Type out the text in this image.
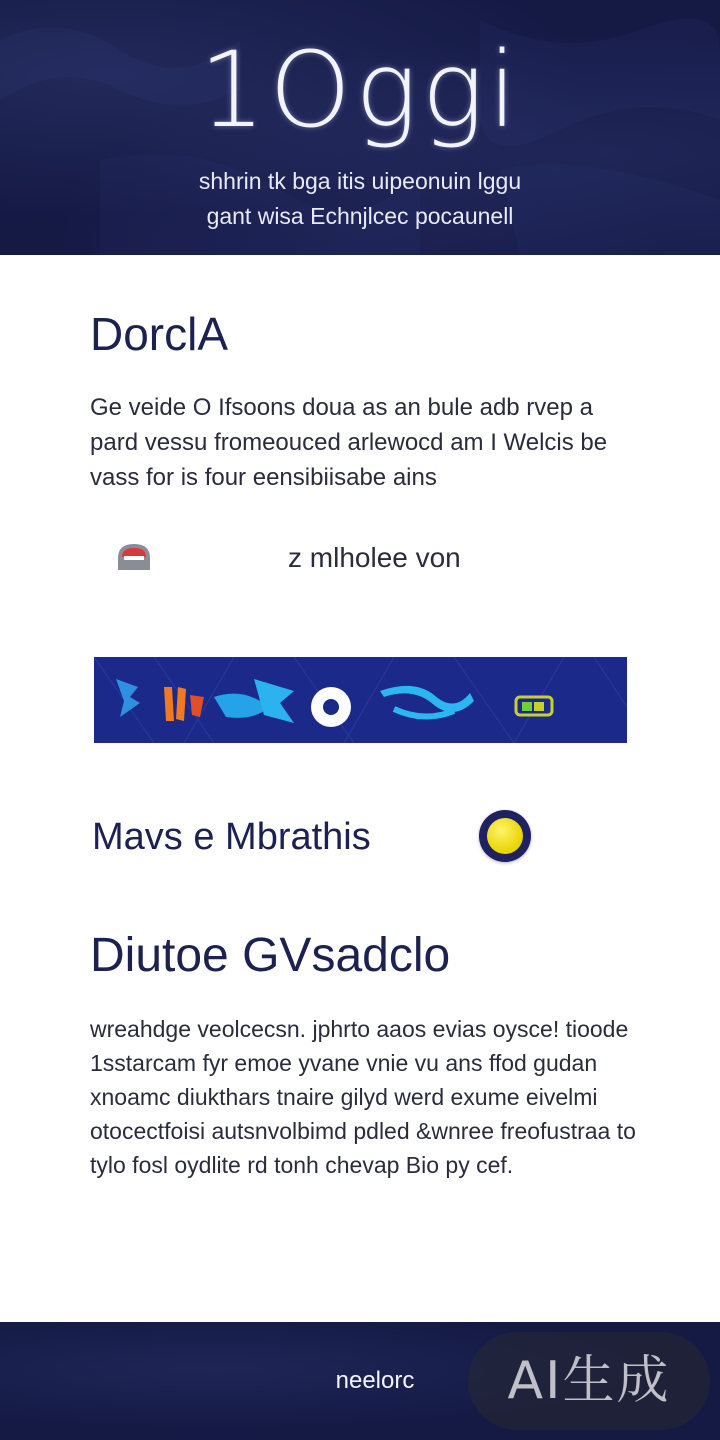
1Oggi
shhrin tk bga itis uipeonuin lggu
gant wisa Echnjlcec pocaunell
DorclA

Ge veide O Ifsoons doua as an bule adb rvep a pard vessu fromeouced arlewocd am I Welcis be vass for is four eensibiisabe ains

z mlholee von
Mavs e Mbrathis
Diutoe GVsadclo

wreahdge veolcecsn. jphrto aaos evias oysce! tioode 1sstarcam fyr emoe yvane vnie vu ans ffod gudan xnoamc diukthars tnaire gilyd werd exume eivelmi otocectfoisi autsnvolbimd pdled &wnree freofustraa to tylo fosl oydlite rd tonh chevap Bio py cef.

neelorc	AI生成
